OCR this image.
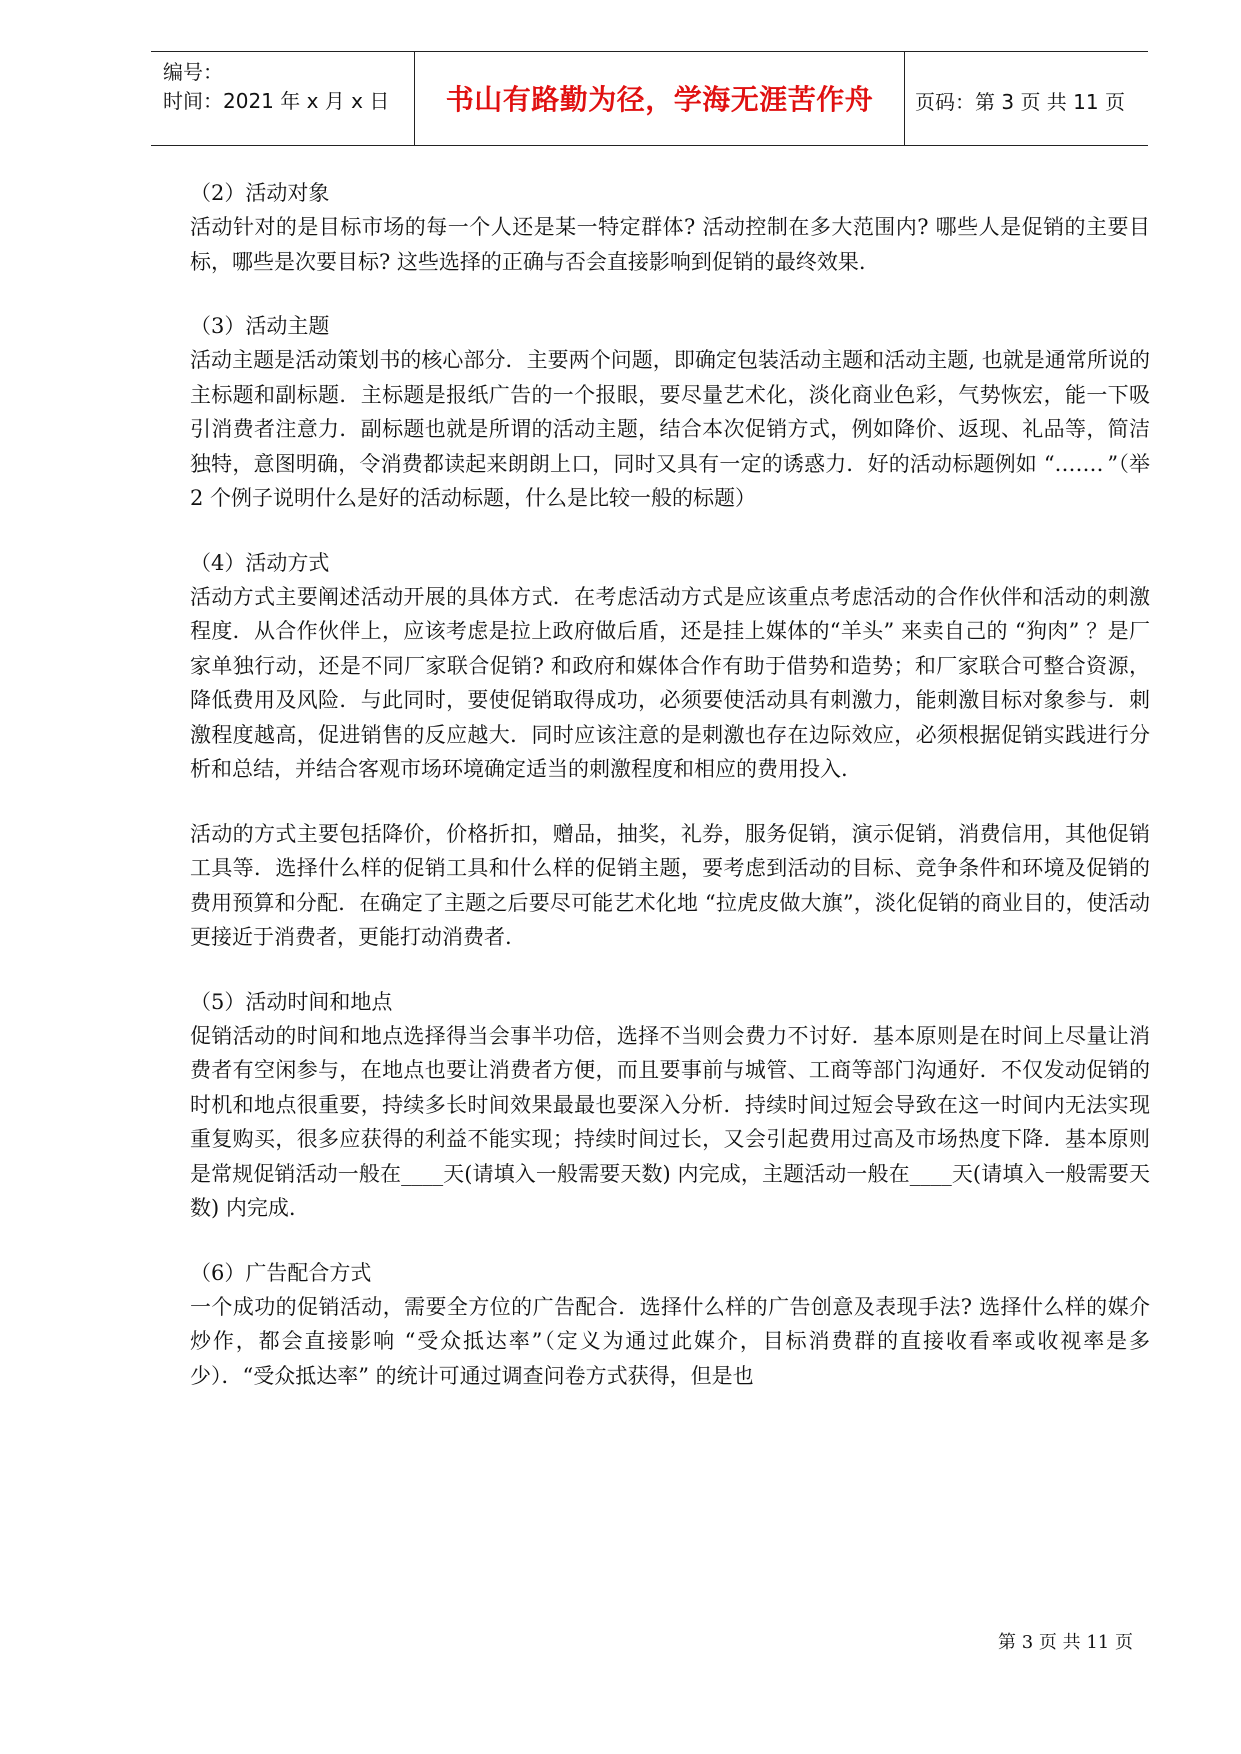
编号：
时间：2021 年 x 月 x 日	书山有路勤为径，学海无涯苦作舟	页码：第 3 页 共 11 页
（2）活动对象
活动针对的是目标市场的每一个人还是某一特定群体? 活动控制在多大范围内? 哪些人是促销的主要目标，哪些是次要目标? 这些选择的正确与否会直接影响到促销的最终效果.
（3）活动主题
活动主题是活动策划书的核心部分．主要两个问题，即确定包装活动主题和活动主题, 也就是通常所说的主标题和副标题．主标题是报纸广告的一个报眼，要尽量艺术化，淡化商业色彩，气势恢宏，能一下吸引消费者注意力．副标题也就是所谓的活动主题，结合本次促销方式，例如降价、返现、礼品等，简洁独特，意图明确，令消费都读起来朗朗上口，同时又具有一定的诱惑力．好的活动标题例如 “……．”（举 2 个例子说明什么是好的活动标题，什么是比较一般的标题）
（4）活动方式
活动方式主要阐述活动开展的具体方式．在考虑活动方式是应该重点考虑活动的合作伙伴和活动的刺激程度．从合作伙伴上，应该考虑是拉上政府做后盾，还是挂上媒体的“羊头” 来卖自己的 “狗肉” ？是厂家单独行动，还是不同厂家联合促销? 和政府和媒体合作有助于借势和造势；和厂家联合可整合资源，降低费用及风险．与此同时，要使促销取得成功，必须要使活动具有刺激力，能刺激目标对象参与．刺激程度越高，促进销售的反应越大．同时应该注意的是刺激也存在边际效应，必须根据促销实践进行分析和总结，并结合客观市场环境确定适当的刺激程度和相应的费用投入.
活动的方式主要包括降价，价格折扣，赠品，抽奖，礼券，服务促销，演示促销，消费信用，其他促销工具等．选择什么样的促销工具和什么样的促销主题，要考虑到活动的目标、竞争条件和环境及促销的费用预算和分配．在确定了主题之后要尽可能艺术化地 “拉虎皮做大旗”，淡化促销的商业目的，使活动更接近于消费者，更能打动消费者.
（5）活动时间和地点
促销活动的时间和地点选择得当会事半功倍，选择不当则会费力不讨好．基本原则是在时间上尽量让消费者有空闲参与，在地点也要让消费者方便，而且要事前与城管、工商等部门沟通好．不仅发动促销的时机和地点很重要，持续多长时间效果最最也要深入分析．持续时间过短会导致在这一时间内无法实现重复购买，很多应获得的利益不能实现；持续时间过长，又会引起费用过高及市场热度下降．基本原则是常规促销活动一般在____天(请填入一般需要天数) 内完成，主题活动一般在____天(请填入一般需要天数) 内完成.
（6）广告配合方式
一个成功的促销活动，需要全方位的广告配合．选择什么样的广告创意及表现手法? 选择什么样的媒介炒作，都会直接影响 “受众抵达率”（定义为通过此媒介，目标消费群的直接收看率或收视率是多少）．“受众抵达率” 的统计可通过调查问卷方式获得，但是也
第 3 页 共 11 页
